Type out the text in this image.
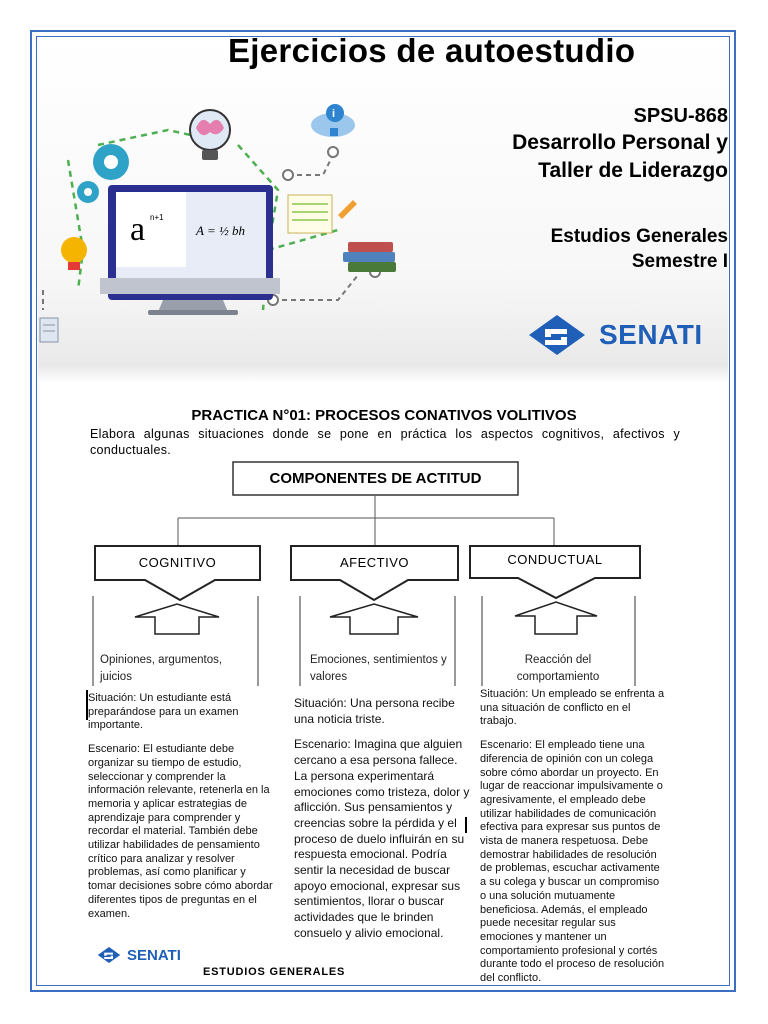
i
a n+1
A = ½ bh
Ejercicios de autoestudio
SPSU-868
Desarrollo Personal y
Taller de Liderazgo
Estudios Generales
Semestre I
SENATI
PRACTICA N°01: PROCESOS CONATIVOS VOLITIVOS
Elabora algunas situaciones donde se pone en práctica los aspectos cognitivos, afectivos y conductuales.
COMPONENTES DE ACTITUD
COGNITIVO	AFECTIVO	CONDUCTUAL
Opiniones, argumentos, juicios
Emociones, sentimientos y valores
Reacción del comportamiento

Situación: Un estudiante está preparándose para un examen importante.

Escenario: El estudiante debe organizar su tiempo de estudio, seleccionar y comprender la información relevante, retenerla en la memoria y aplicar estrategias de aprendizaje para comprender y recordar el material. También debe utilizar habilidades de pensamiento crítico para analizar y resolver problemas, así como planificar y tomar decisiones sobre cómo abordar diferentes tipos de preguntas en el examen.

Situación: Una persona recibe una noticia triste.

Escenario: Imagina que alguien cercano a esa persona fallece. La persona experimentará emociones como tristeza, dolor y aflicción. Sus pensamientos y creencias sobre la pérdida y el proceso de duelo influirán en su respuesta emocional. Podría sentir la necesidad de buscar apoyo emocional, expresar sus sentimientos, llorar o buscar actividades que le brinden consuelo y alivio emocional.

Situación: Un empleado se enfrenta a una situación de conflicto en el trabajo.

Escenario: El empleado tiene una diferencia de opinión con un colega sobre cómo abordar un proyecto. En lugar de reaccionar impulsivamente o agresivamente, el empleado debe utilizar habilidades de comunicación efectiva para expresar sus puntos de vista de manera respetuosa. Debe demostrar habilidades de resolución de problemas, escuchar activamente a su colega y buscar un compromiso o una solución mutuamente beneficiosa. Además, el empleado puede necesitar regular sus emociones y mantener un comportamiento profesional y cortés durante todo el proceso de resolución del conflicto.

SENATI
ESTUDIOS GENERALES
